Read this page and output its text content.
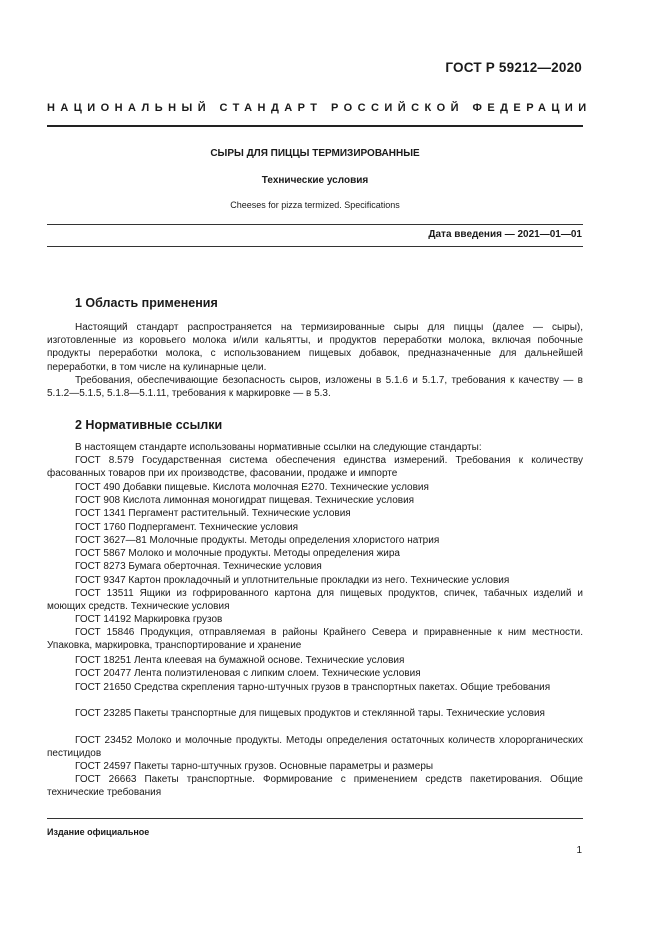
ГОСТ Р 59212—2020
НАЦИОНАЛЬНЫЙ СТАНДАРТ РОССИЙСКОЙ ФЕДЕРАЦИИ
СЫРЫ ДЛЯ ПИЦЦЫ ТЕРМИЗИРОВАННЫЕ
Технические условия
Cheeses for pizza termized. Specifications
Дата введения — 2021—01—01
1 Область применения
Настоящий стандарт распространяется на термизированные сыры для пиццы (далее — сыры), изготовленные из коровьего молока и/или кальятты, и продуктов переработки молока, включая побочные продукты переработки молока, с использованием пищевых добавок, предназначенные для дальнейшей переработки, в том числе на кулинарные цели.
Требования, обеспечивающие безопасность сыров, изложены в 5.1.6 и 5.1.7, требования к качеству — в 5.1.2—5.1.5, 5.1.8—5.1.11, требования к маркировке — в 5.3.
2 Нормативные ссылки
В настоящем стандарте использованы нормативные ссылки на следующие стандарты:
ГОСТ 8.579 Государственная система обеспечения единства измерений. Требования к количеству фасованных товаров при их производстве, фасовании, продаже и импорте
ГОСТ 490 Добавки пищевые. Кислота молочная Е270. Технические условия
ГОСТ 908 Кислота лимонная моногидрат пищевая. Технические условия
ГОСТ 1341 Пергамент растительный. Технические условия
ГОСТ 1760 Подпергамент. Технические условия
ГОСТ 3627—81 Молочные продукты. Методы определения хлористого натрия
ГОСТ 5867 Молоко и молочные продукты. Методы определения жира
ГОСТ 8273 Бумага оберточная. Технические условия
ГОСТ 9347 Картон прокладочный и уплотнительные прокладки из него. Технические условия
ГОСТ 13511 Ящики из гофрированного картона для пищевых продуктов, спичек, табачных изделий и моющих средств. Технические условия
ГОСТ 14192 Маркировка грузов
ГОСТ 15846 Продукция, отправляемая в районы Крайнего Севера и приравненные к ним местности. Упаковка, маркировка, транспортирование и хранение
ГОСТ 18251 Лента клеевая на бумажной основе. Технические условия
ГОСТ 20477 Лента полиэтиленовая с липким слоем. Технические условия
ГОСТ 21650 Средства скрепления тарно-штучных грузов в транспортных пакетах. Общие требования
ГОСТ 23285 Пакеты транспортные для пищевых продуктов и стеклянной тары. Технические условия
ГОСТ 23452 Молоко и молочные продукты. Методы определения остаточных количеств хлорорганических пестицидов
ГОСТ 24597 Пакеты тарно-штучных грузов. Основные параметры и размеры
ГОСТ 26663 Пакеты транспортные. Формирование с применением средств пакетирования. Общие технические требования
Издание официальное
1
